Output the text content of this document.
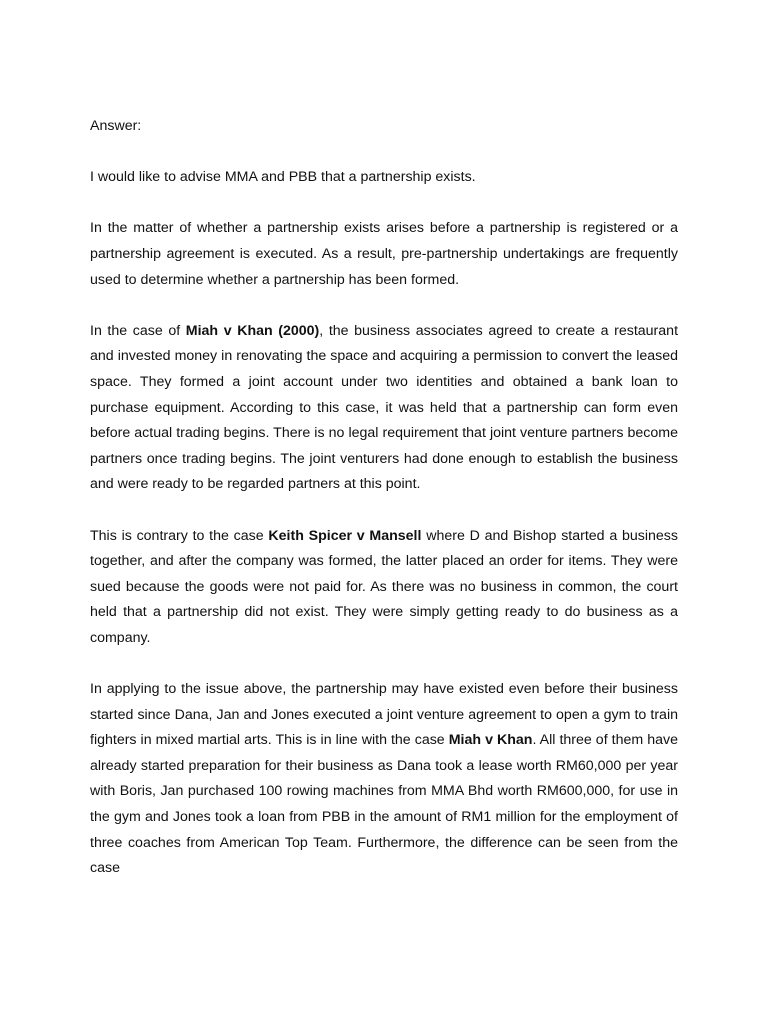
Answer:

I would like to advise MMA and PBB that a partnership exists.

In the matter of whether a partnership exists arises before a partnership is registered or a partnership agreement is executed. As a result, pre-partnership undertakings are frequently used to determine whether a partnership has been formed.

In the case of Miah v Khan (2000), the business associates agreed to create a restaurant and invested money in renovating the space and acquiring a permission to convert the leased space. They formed a joint account under two identities and obtained a bank loan to purchase equipment. According to this case, it was held that a partnership can form even before actual trading begins. There is no legal requirement that joint venture partners become partners once trading begins. The joint venturers had done enough to establish the business and were ready to be regarded partners at this point.

This is contrary to the case Keith Spicer v Mansell where D and Bishop started a business together, and after the company was formed, the latter placed an order for items. They were sued because the goods were not paid for. As there was no business in common, the court held that a partnership did not exist. They were simply getting ready to do business as a company.

In applying to the issue above, the partnership may have existed even before their business started since Dana, Jan and Jones executed a joint venture agreement to open a gym to train fighters in mixed martial arts. This is in line with the case Miah v Khan. All three of them have already started preparation for their business as Dana took a lease worth RM60,000 per year with Boris, Jan purchased 100 rowing machines from MMA Bhd worth RM600,000, for use in the gym and Jones took a loan from PBB in the amount of RM1 million for the employment of three coaches from American Top Team. Furthermore, the difference can be seen from the case
